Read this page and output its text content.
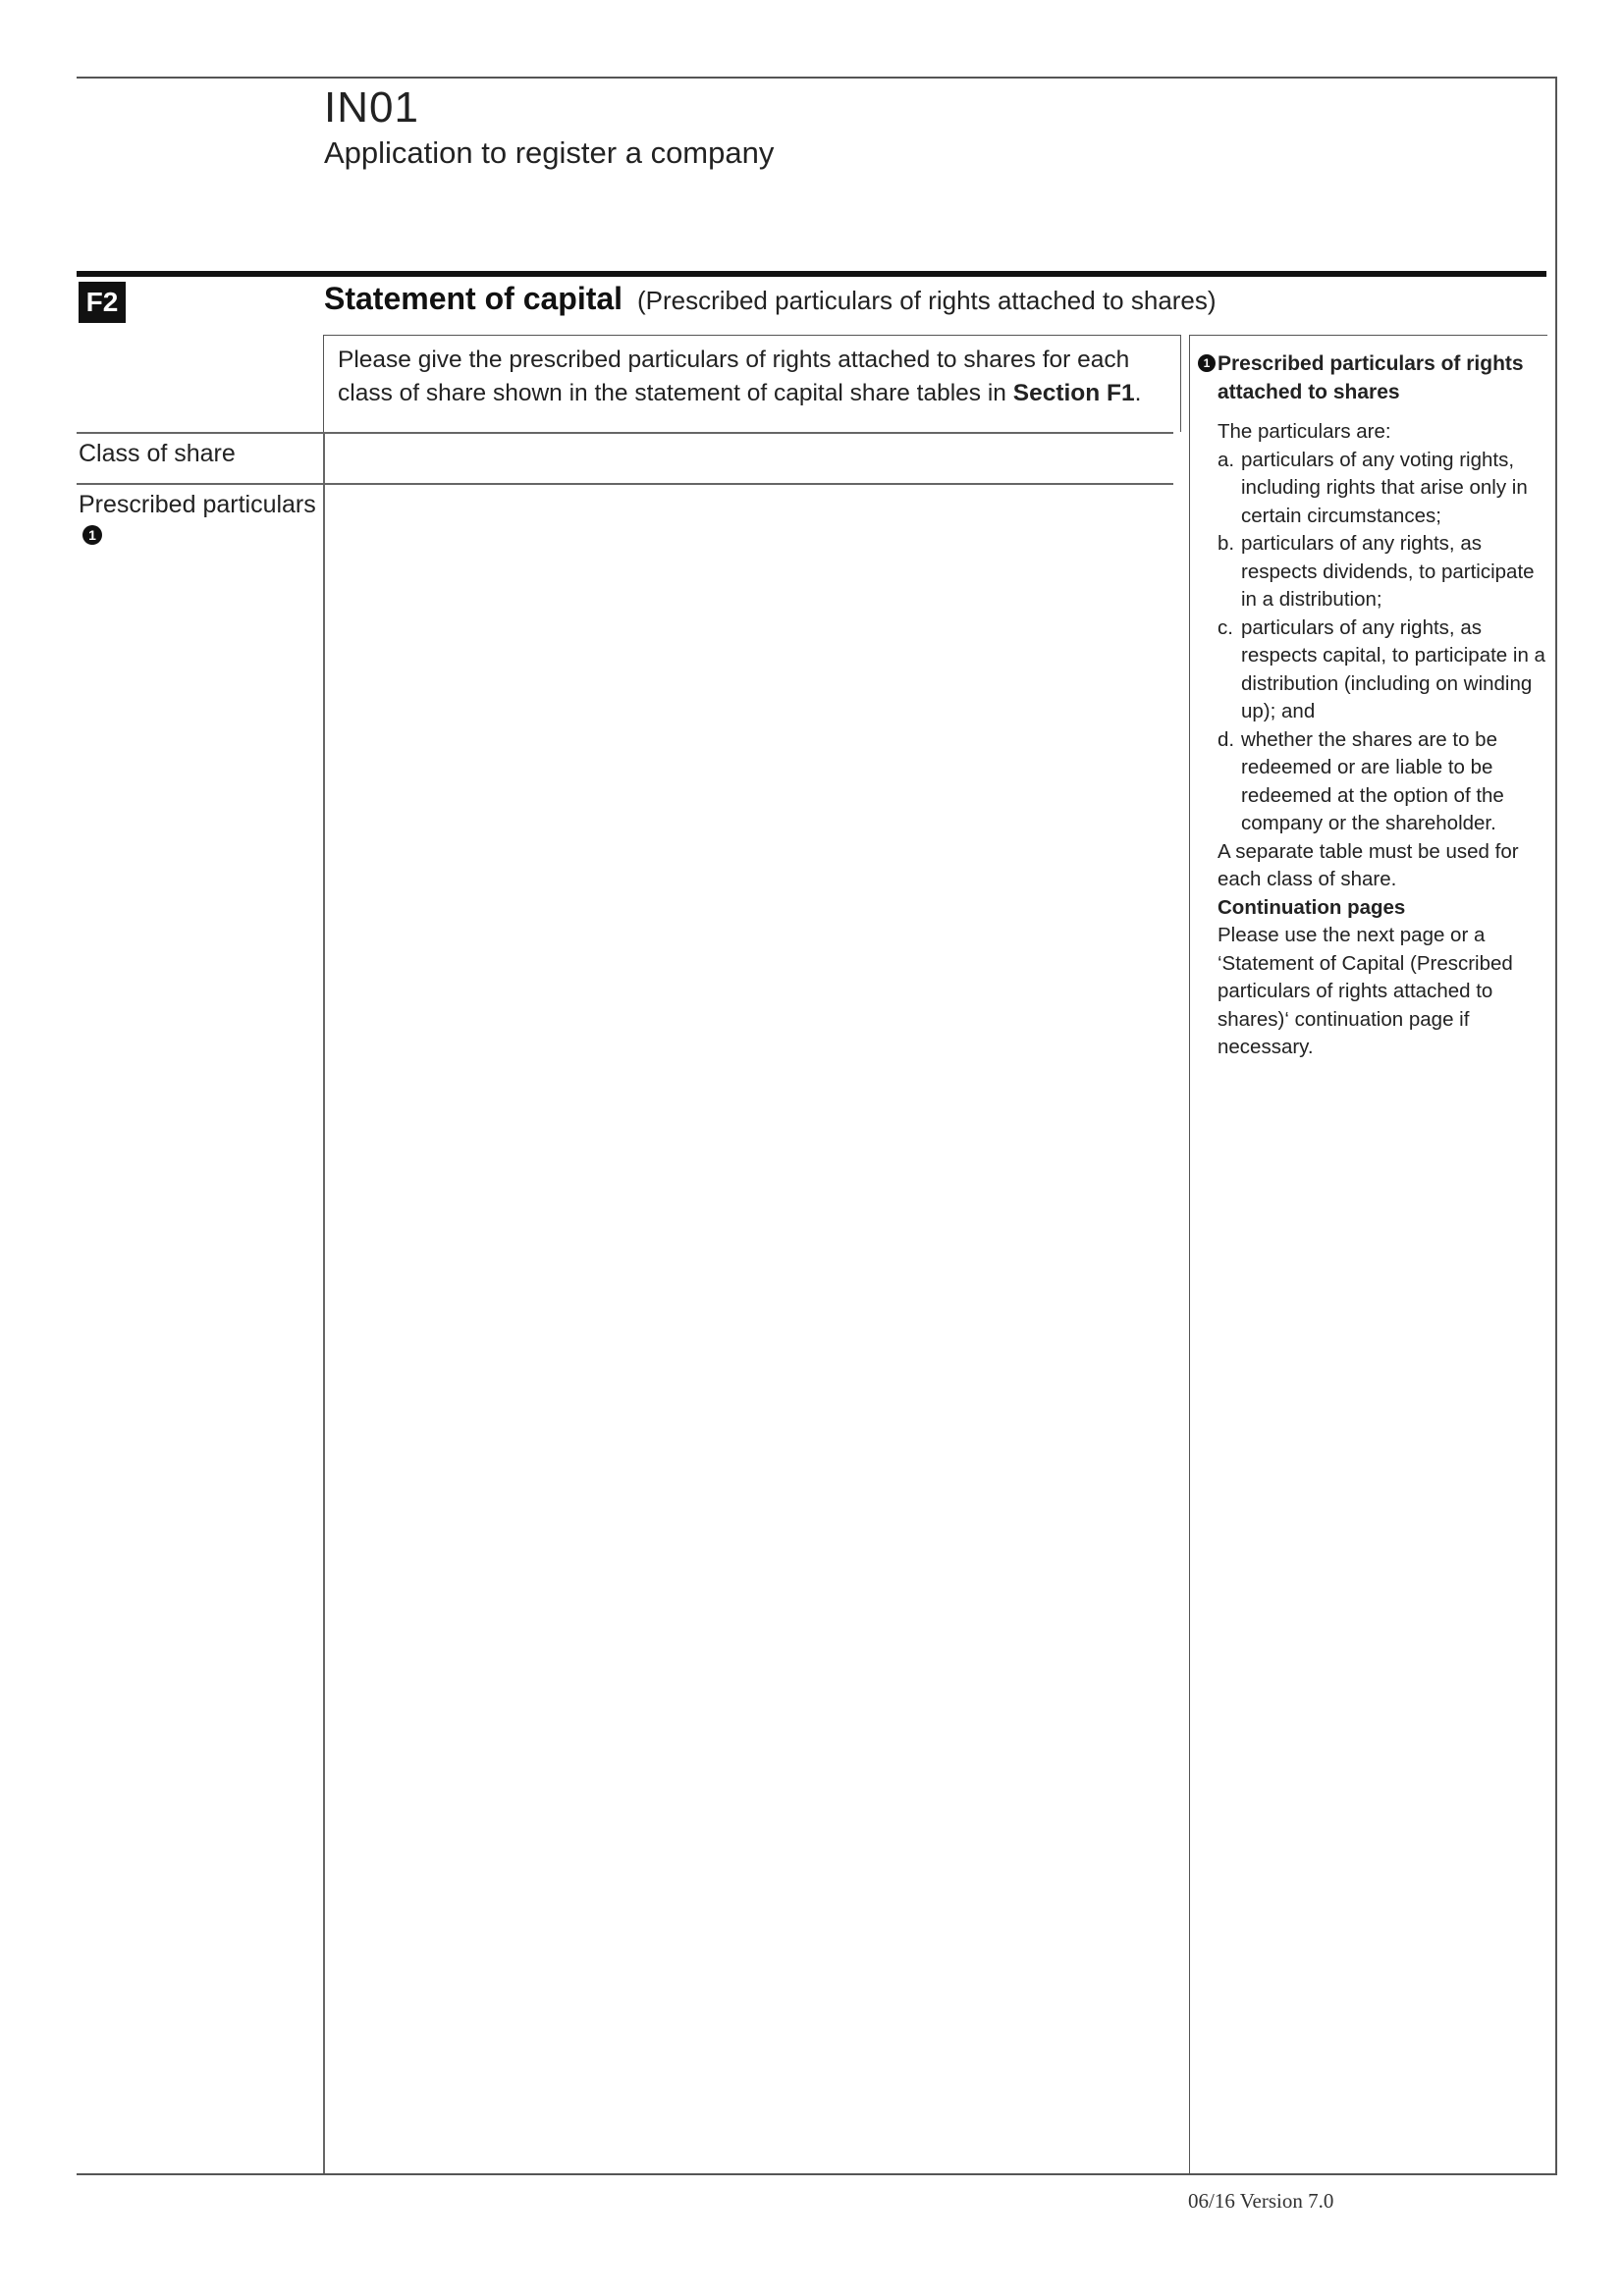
IN01
Application to register a company
F2	Statement of capital (Prescribed particulars of rights attached to shares)
Please give the prescribed particulars of rights attached to shares for each class of share shown in the statement of capital share tables in Section F1.
Class of share
Prescribed particulars
1
1 Prescribed particulars of rights attached to shares

The particulars are:

a. particulars of any voting rights, including rights that arise only in certain circumstances;
b. particulars of any rights, as respects dividends, to participate in a distribution;
c. particulars of any rights, as respects capital, to participate in a distribution (including on winding up); and
d. whether the shares are to be redeemed or are liable to be redeemed at the option of the company or the shareholder.

A separate table must be used for each class of share.

Continuation pages

Please use the next page or a ‘Statement of Capital (Prescribed particulars of rights attached to shares)‘ continuation page if necessary.

06/16 Version 7.0
